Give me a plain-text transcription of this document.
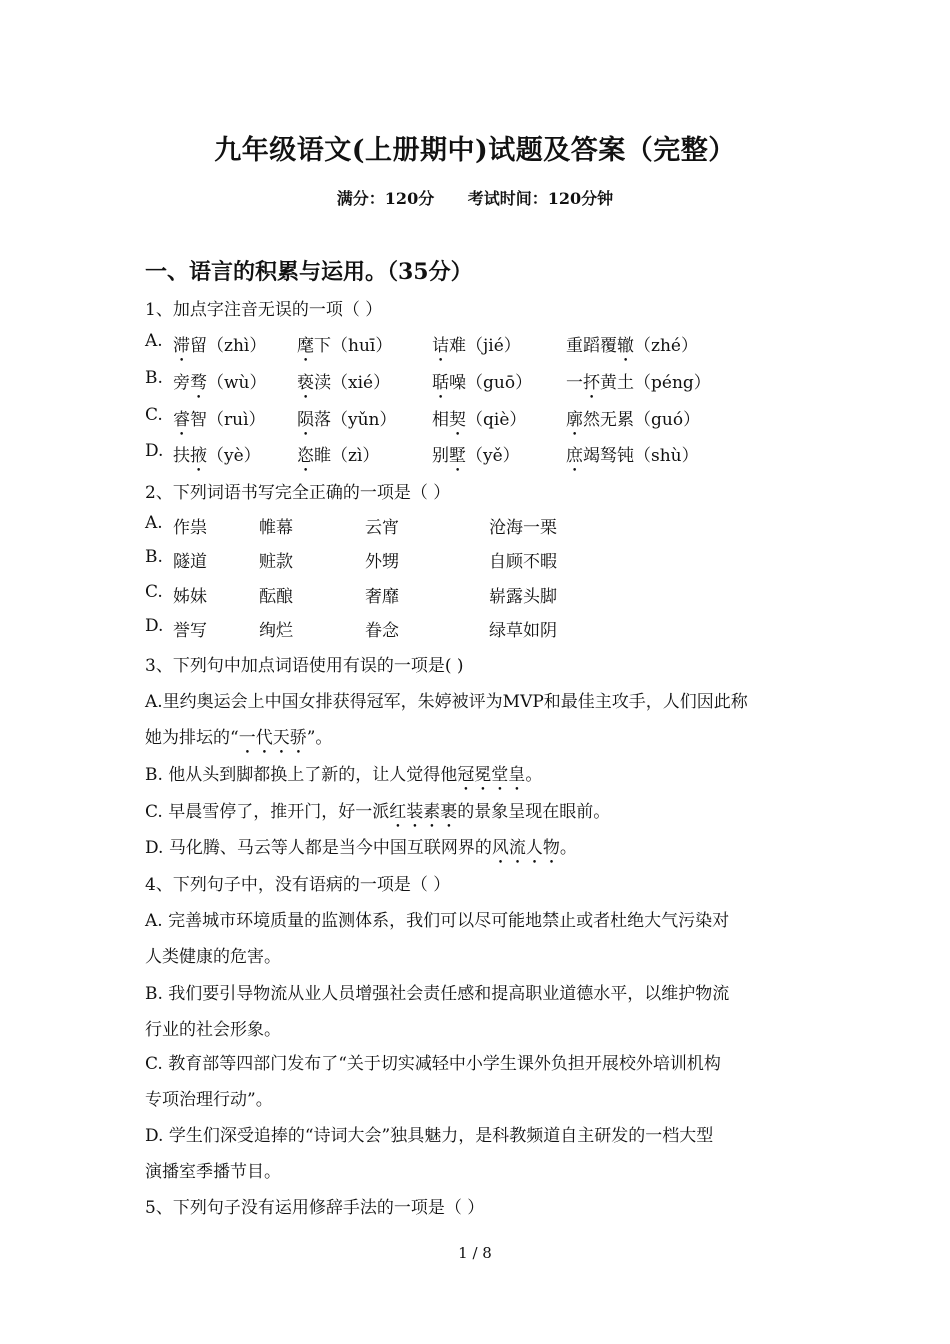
九年级语文(上册期中)试题及答案（完整）
满分：120分 考试时间：120分钟
一、语言的积累与运用。（35分）
1、加点字注音无误的一项（ ）
A. 滞留（zhì） 麾下（huī） 诘难（jié）	重蹈覆辙（zhé）
B. 旁骛（wù） 亵渎（xié） 聒噪（guō） 一抔黄土（péng）
C. 睿智（ruì） 陨落（yǔn） 相契（qiè） 廓然无累（guó）
D. 扶掖（yè） 恣睢（zì）	别墅（yě）	庶竭驽钝（shù）
2、下列词语书写完全正确的一项是（ ）
A. 作祟	帷幕	云宵	沧海一栗
B. 隧道	赃款	外甥	自顾不暇
C. 姊妹	酝酿	奢靡	崭露头脚
D. 誉写	绚烂	眷念	绿草如阴
3、下列句中加点词语使用有误的一项是( )
A.里约奥运会上中国女排获得冠军，朱婷被评为MVP和最佳主攻手，人们因此称
她为排坛的“一代天骄”。
B. 他从头到脚都换上了新的，让人觉得他冠冕堂皇。
C. 早晨雪停了，推开门，好一派红装素裹的景象呈现在眼前。
D. 马化腾、马云等人都是当今中国互联网界的风流人物。
4、下列句子中，没有语病的一项是（ ）
A. 完善城市环境质量的监测体系，我们可以尽可能地禁止或者杜绝大气污染对
人类健康的危害。
B. 我们要引导物流从业人员增强社会责任感和提高职业道德水平，以维护物流
行业的社会形象。
C. 教育部等四部门发布了“关于切实减轻中小学生课外负担开展校外培训机构
专项治理行动”。
D. 学生们深受追捧的“诗词大会”独具魅力，是科教频道自主研发的一档大型
演播室季播节目。
5、下列句子没有运用修辞手法的一项是（ ）
1 / 8
